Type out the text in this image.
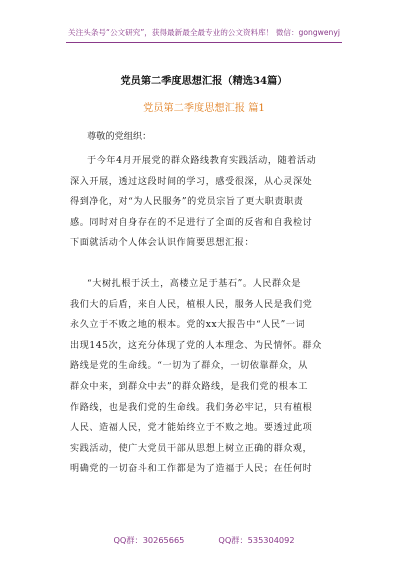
关注头条号“公文研究”，获得最新最全最专业的公文资料库！ 微信：gongwenyj
党员第二季度思想汇报（精选34篇）
党员第二季度思想汇报 篇1
尊敬的党组织：
于今年4月开展党的群众路线教育实践活动，随着活动
深入开展，透过这段时间的学习，感受很深，从心灵深处
得到净化，对“为人民服务”的党员宗旨了更大职责职责
感。同时对自身存在的不足进行了全面的反省和自我检讨
下面就活动个人体会认识作简要思想汇报：
“大树扎根于沃土，高楼立足于基石”。人民群众是
我们大的后盾，来自人民，植根人民，服务人民是我们党
永久立于不败之地的根本。党的xx大报告中“人民”一词
出现145次，这充分体现了党的人本理念、为民情怀。群众
路线是党的生命线。“一切为了群众，一切依靠群众，从
群众中来，到群众中去”的群众路线，是我们党的根本工
作路线，也是我们党的生命线。我们务必牢记，只有植根
人民、造福人民，党才能始终立于不败之地。要透过此项
实践活动，使广大党员干部从思想上树立正确的群众观，
明确党的一切奋斗和工作都是为了造福于人民；在任何时
QQ群：30265665	QQ群：535304092
